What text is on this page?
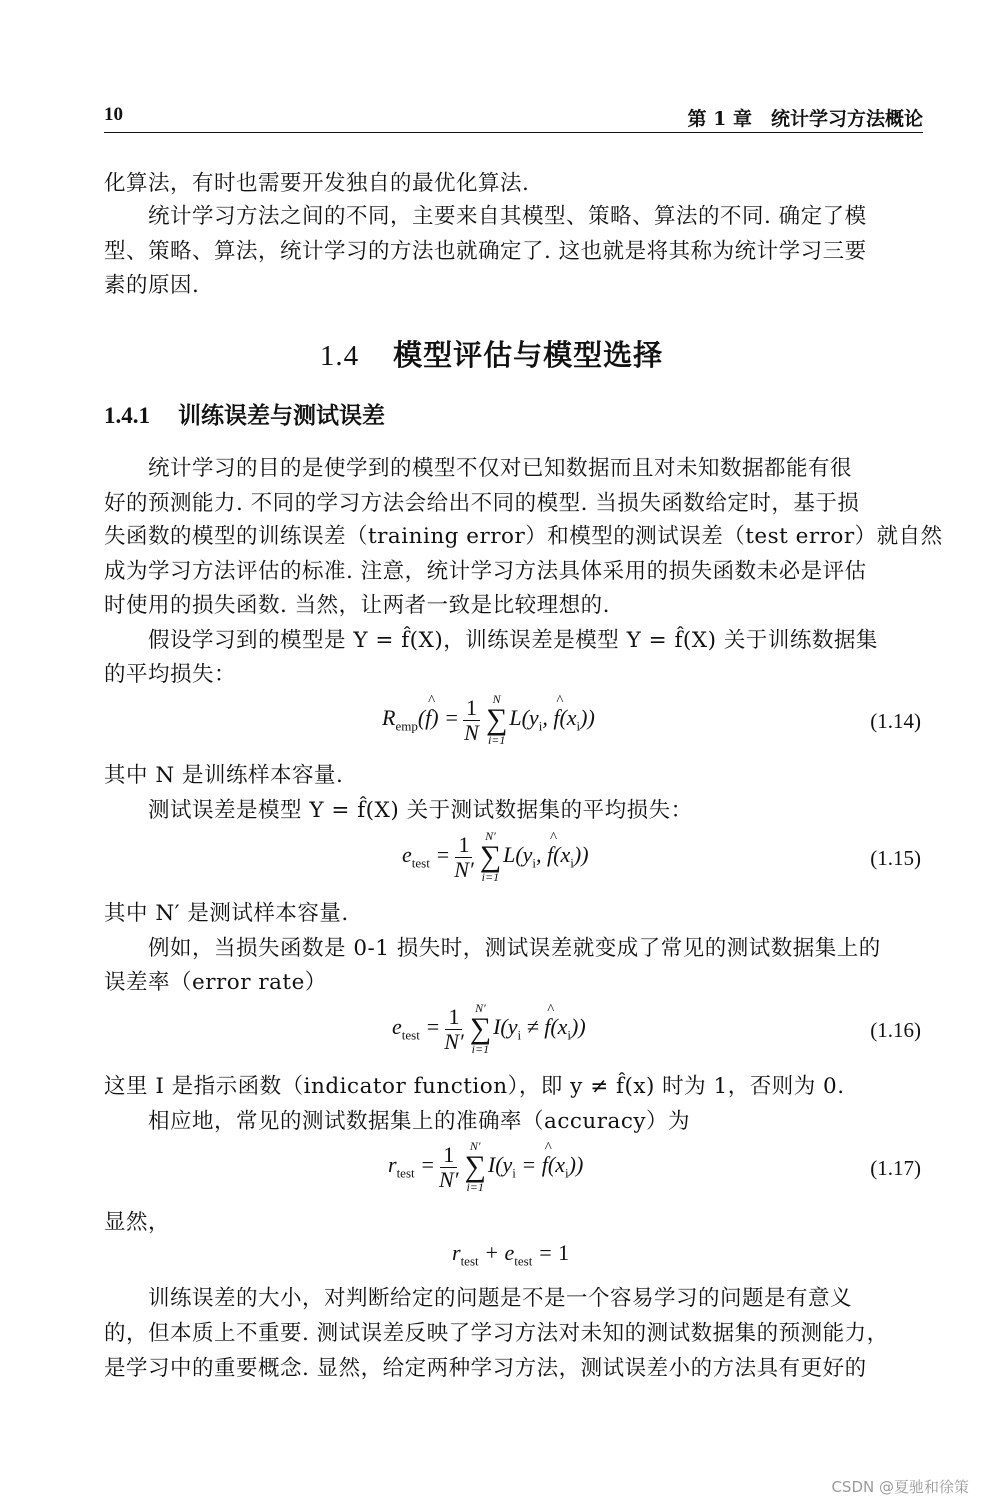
10	第 1 章　统计学习方法概论
化算法，有时也需要开发独自的最优化算法.
统计学习方法之间的不同，主要来自其模型、策略、算法的不同. 确定了模
型、策略、算法，统计学习的方法也就确定了. 这也就是将其称为统计学习三要
素的原因.
1.4 模型评估与模型选择
1.4.1 训练误差与测试误差
统计学习的目的是使学到的模型不仅对已知数据而且对未知数据都能有很
好的预测能力. 不同的学习方法会给出不同的模型. 当损失函数给定时，基于损
失函数的模型的训练误差（training error）和模型的测试误差（test error）就自然
成为学习方法评估的标准. 注意，统计学习方法具体采用的损失函数未必是评估
时使用的损失函数. 当然，让两者一致是比较理想的.
假设学习到的模型是 Y = f̂(X)，训练误差是模型 Y = f̂(X) 关于训练数据集
的平均损失：
$R_{emp}(\^{}$ $f) = \frac{1}{N}$ N
∑
i=1
$L(y_i$, ^ $f(x_i)$)	(1.14)
其中 N 是训练样本容量.
测试误差是模型 Y = f̂(X) 关于测试数据集的平均损失：
$e_{test} = \frac{1}{N'} N'$
∑
i=1
$L(y_i$, ^ $f(x_i)$)	(1.15)
其中 N′ 是测试样本容量.
例如，当损失函数是 0-1 损失时，测试误差就变成了常见的测试数据集上的
误差率（error rate）
$e_{test} = \frac{1}{N'} N'$
∑
i=1
$I(y_i$ ≠ ^ $f(x_i)$)	(1.16)
这里 I 是指示函数（indicator function），即 y ≠ f̂(x) 时为 1，否则为 0.
相应地，常见的测试数据集上的准确率（accuracy）为
$r_{test} = \frac{1}{N'} N'$
∑
i=1
$I(y_i$ = ^ $f(x_i)$)	(1.17)
显然，
$r_{test} + e_{test} = 1$
训练误差的大小，对判断给定的问题是不是一个容易学习的问题是有意义
的，但本质上不重要. 测试误差反映了学习方法对未知的测试数据集的预测能力，
是学习中的重要概念. 显然，给定两种学习方法，测试误差小的方法具有更好的
CSDN @夏驰和徐策
